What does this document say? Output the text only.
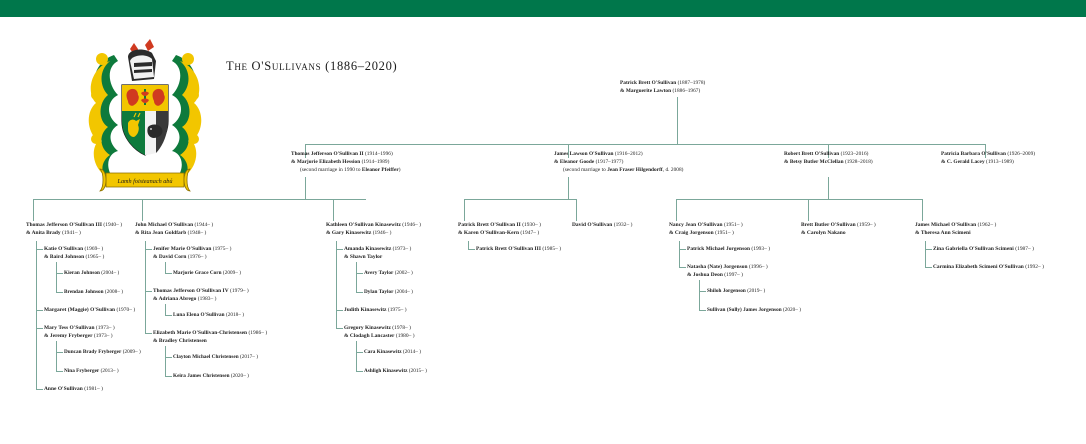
Lamh foisteanach abú
The O'Sullivans (1886–2020)
Patrick Brett O'Sullivan (1887–1978)
& Marguerite Lawton (1886–1967)
Thomas Jefferson O'Sullivan II (1914–1996)
& Marjorie Elizabeth Hession (1914–1989)
(second marriage in 1990 to Eleanor Pfeiffer)
James Lawson O'Sullivan (1916–2012)
& Eleanor Goode (1917–1977)
(second marriage to Jean Fraser Hilgendorff, d. 2008)
Robert Brett O'Sullivan (1923–2016)
& Betsy Butler McClellan (1928–2018)
Patricia Barbara O'Sullivan (1926–2009)
& C. Gerald Lacey (1913–1989)
Thomas Jefferson O'Sullivan III (1940– )
& Anita Brady (1941– )
Katie O'Sullivan (1969– )
& Baird Johnson (1965– )
Kieran Johnson (2004– )
Brendan Johnson (2008– )
Margaret (Maggie) O'Sullivan (1970– )
Mary Tess O'Sullivan (1973– )
& Jeremy Fryberger (1973– )
Duncan Brady Fryberger (2009– )
Nina Fryberger (2013– )
Anne O'Sullivan (1981– )
John Michael O'Sullivan (1944– )
& Rita Jean Goldfarb (1948– )
Jenifer Marie O'Sullivan (1975– )
& David Corn (1976– )
Marjorie Grace Corn (2009– )
Thomas Jefferson O'Sullivan IV (1979– )
& Adriana Abrego (1983– )
Luna Elena O'Sullivan (2018– )
Elizabeth Marie O'Sullivan-Christensen (1986– )
& Bradley Christensen
Clayton Michael Christensen (2017– )
Keira James Christensen (2020– )
Kathleen O'Sullivan Kinasewitz (1946– )
& Gary Kinasewitz (1946– )
Amanda Kinasewitz (1973– )
& Shawn Taylor
Avery Taylor (2002– )
Dylan Taylor (2004– )
Judith Kinasewitz (1975– )
Gregory Kinasewitz (1978– )
& Clodagh Lancaster (1980– )
Cara Kinasewitz (2014– )
Ashligh Kinasewitz (2015– )
Patrick Brett O'Sullivan II (1930– )
& Karen O'Sullivan-Kern (1947– )
Patrick Brett O'Sullivan III (1985– )
David O'Sullivan (1932– )	Nancy Jean O'Sullivan (1951– )
& Craig Jorgenson (1951– )
Patrick Michael Jorgenson (1993– )
Natasha (Nate) Jorgenson (1996– )
& Joshua Deon (1997– )
Shiloh Jorgenson (2019– )
Sullivan (Sully) James Jorgenson (2020– )
Brett Butler O'Sullivan (1959– )
& Carolyn Nakano
James Michael O'Sullivan (1962– )
& Theresa Ann Scimeni
Zina Gabriella O'Sullivan Scimeni (1987– )
Carmina Elizabeth Scimeni O'Sullivan (1992– )
